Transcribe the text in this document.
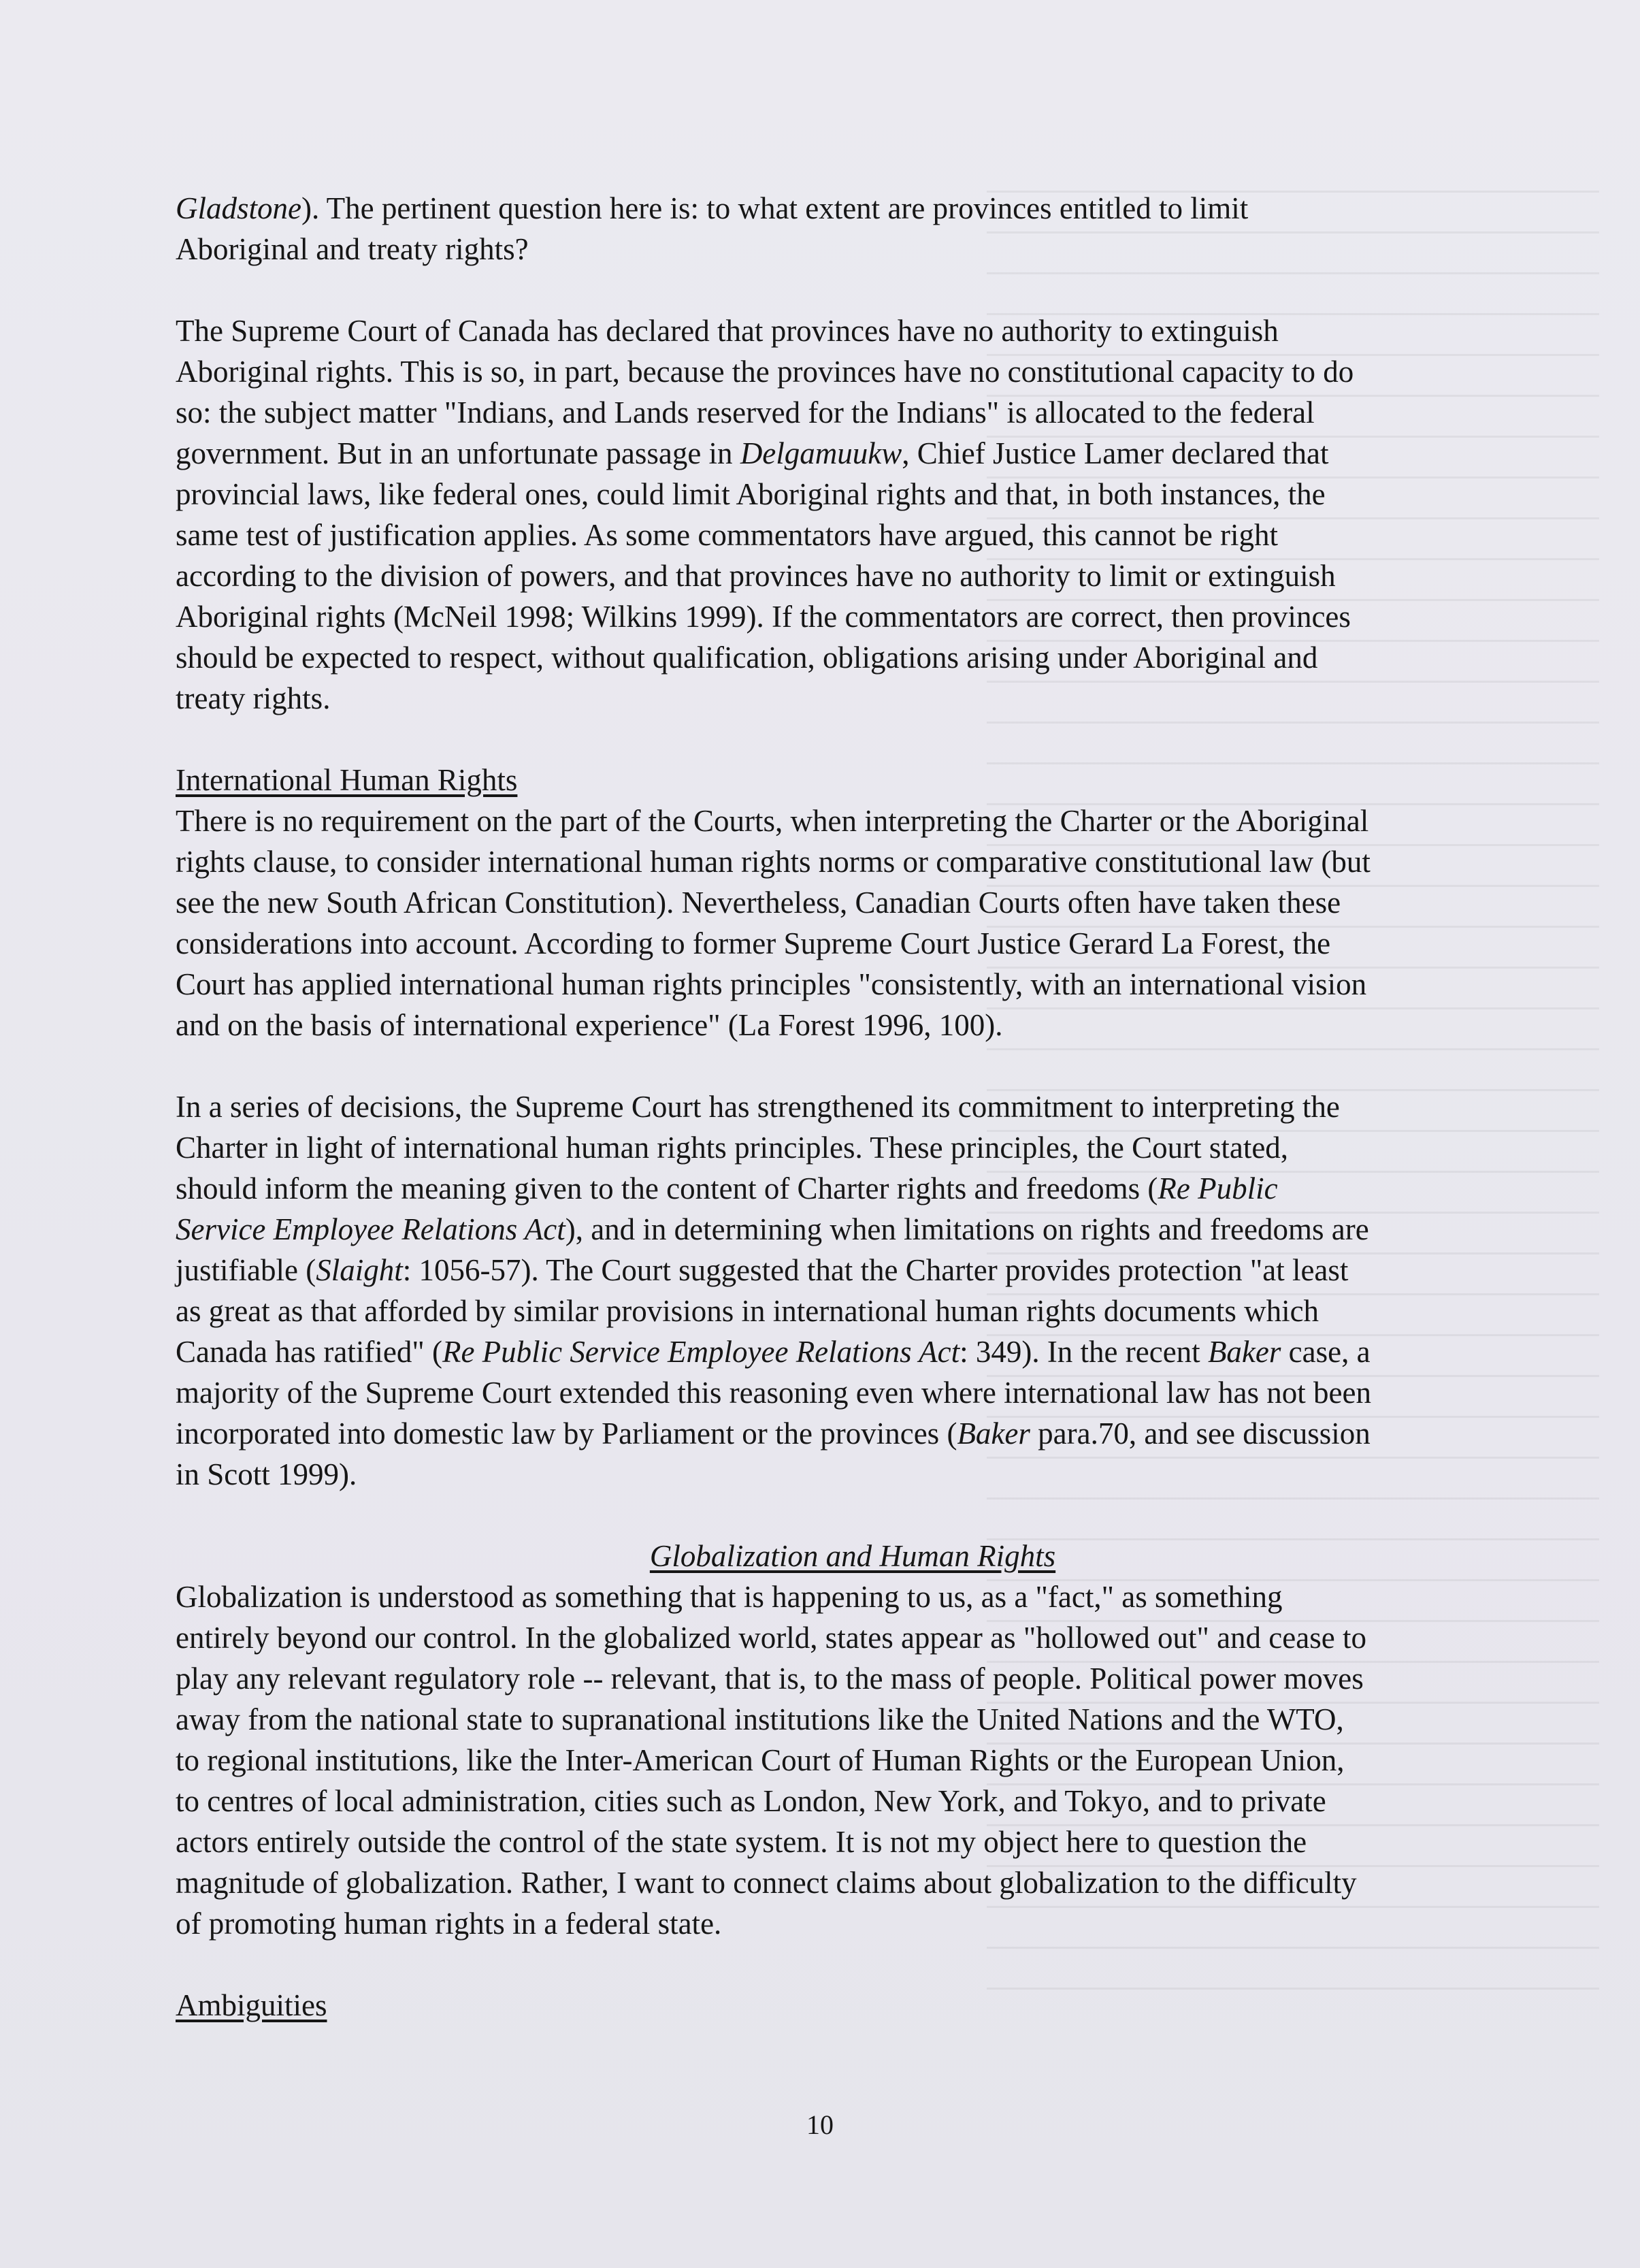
Gladstone). The pertinent question here is: to what extent are provinces entitled to limit
Aboriginal and treaty rights?

The Supreme Court of Canada has declared that provinces have no authority to extinguish
Aboriginal rights. This is so, in part, because the provinces have no constitutional capacity to do
so: the subject matter "Indians, and Lands reserved for the Indians" is allocated to the federal
government. But in an unfortunate passage in Delgamuukw, Chief Justice Lamer declared that
provincial laws, like federal ones, could limit Aboriginal rights and that, in both instances, the
same test of justification applies. As some commentators have argued, this cannot be right
according to the division of powers, and that provinces have no authority to limit or extinguish
Aboriginal rights (McNeil 1998; Wilkins 1999). If the commentators are correct, then provinces
should be expected to respect, without qualification, obligations arising under Aboriginal and
treaty rights.

International Human Rights

There is no requirement on the part of the Courts, when interpreting the Charter or the Aboriginal
rights clause, to consider international human rights norms or comparative constitutional law (but
see the new South African Constitution). Nevertheless, Canadian Courts often have taken these
considerations into account. According to former Supreme Court Justice Gerard La Forest, the
Court has applied international human rights principles "consistently, with an international vision
and on the basis of international experience" (La Forest 1996, 100).

In a series of decisions, the Supreme Court has strengthened its commitment to interpreting the
Charter in light of international human rights principles. These principles, the Court stated,
should inform the meaning given to the content of Charter rights and freedoms (Re Public
Service Employee Relations Act), and in determining when limitations on rights and freedoms are
justifiable (Slaight: 1056-57). The Court suggested that the Charter provides protection "at least
as great as that afforded by similar provisions in international human rights documents which
Canada has ratified" (Re Public Service Employee Relations Act: 349). In the recent Baker case, a
majority of the Supreme Court extended this reasoning even where international law has not been
incorporated into domestic law by Parliament or the provinces (Baker para.70, and see discussion
in Scott 1999).

Globalization and Human Rights

Globalization is understood as something that is happening to us, as a "fact," as something
entirely beyond our control. In the globalized world, states appear as "hollowed out" and cease to
play any relevant regulatory role -- relevant, that is, to the mass of people. Political power moves
away from the national state to supranational institutions like the United Nations and the WTO,
to regional institutions, like the Inter-American Court of Human Rights or the European Union,
to centres of local administration, cities such as London, New York, and Tokyo, and to private
actors entirely outside the control of the state system. It is not my object here to question the
magnitude of globalization. Rather, I want to connect claims about globalization to the difficulty
of promoting human rights in a federal state.

Ambiguities

10
